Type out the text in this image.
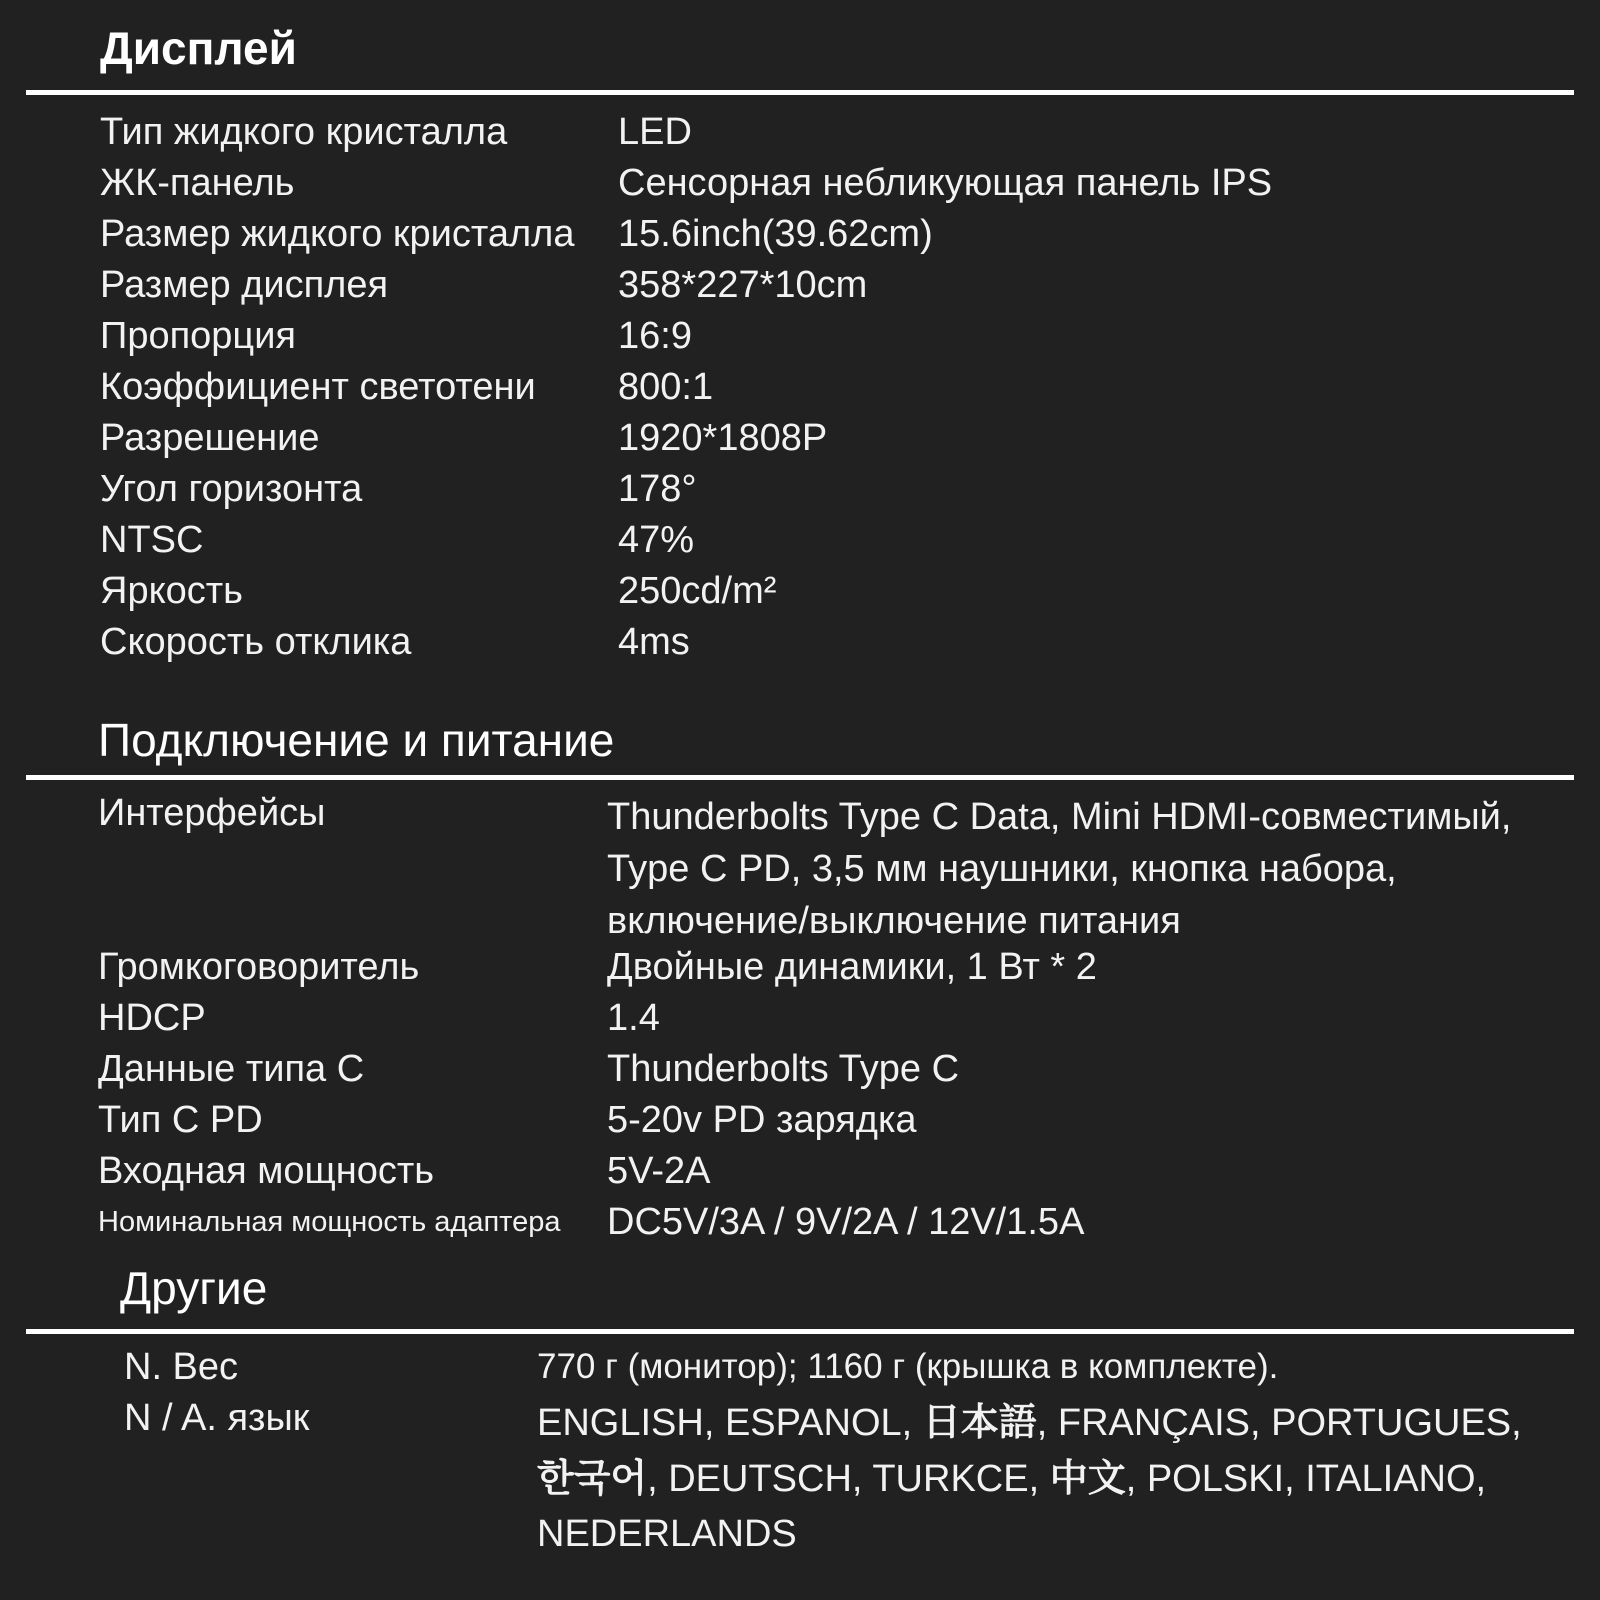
Дисплей
Тип жидкого кристалла	LED
ЖК-панель	Сенсорная небликующая панель IPS
Размер жидкого кристалла 15.6inch(39.62cm)
Размер дисплея	358*227*10cm
Пропорция	16:9
Коэффициент светотени 800:1
Разрешение	1920*1808P
Угол горизонта	178°
NTSC	47%
Яркость	250cd/m²
Скорость отклика	4ms
Подключение и питание
Интерфейсы	Thunderbolts Type C Data, Mini HDMI-совместимый, Type C PD, 3,5 мм наушники, кнопка набора, включение/выключение питания
Громкоговоритель	Двойные динамики, 1 Вт * 2
HDCP	1.4
Данные типа C	Thunderbolts Type C
Тип C PD	5-20v PD зарядка
Входная мощность	5V-2A
Номинальная мощность адаптера DC5V/3A / 9V/2A / 12V/1.5A
Другие
N. Вес	770 г (монитор); 1160 г (крышка в комплекте).
N / A. язык	ENGLISH, ESPANOL, 日本語, FRANÇAIS, PORTUGUES, 한국어, DEUTSCH, TURKCE, 中文, POLSKI, ITALIANO, NEDERLANDS
